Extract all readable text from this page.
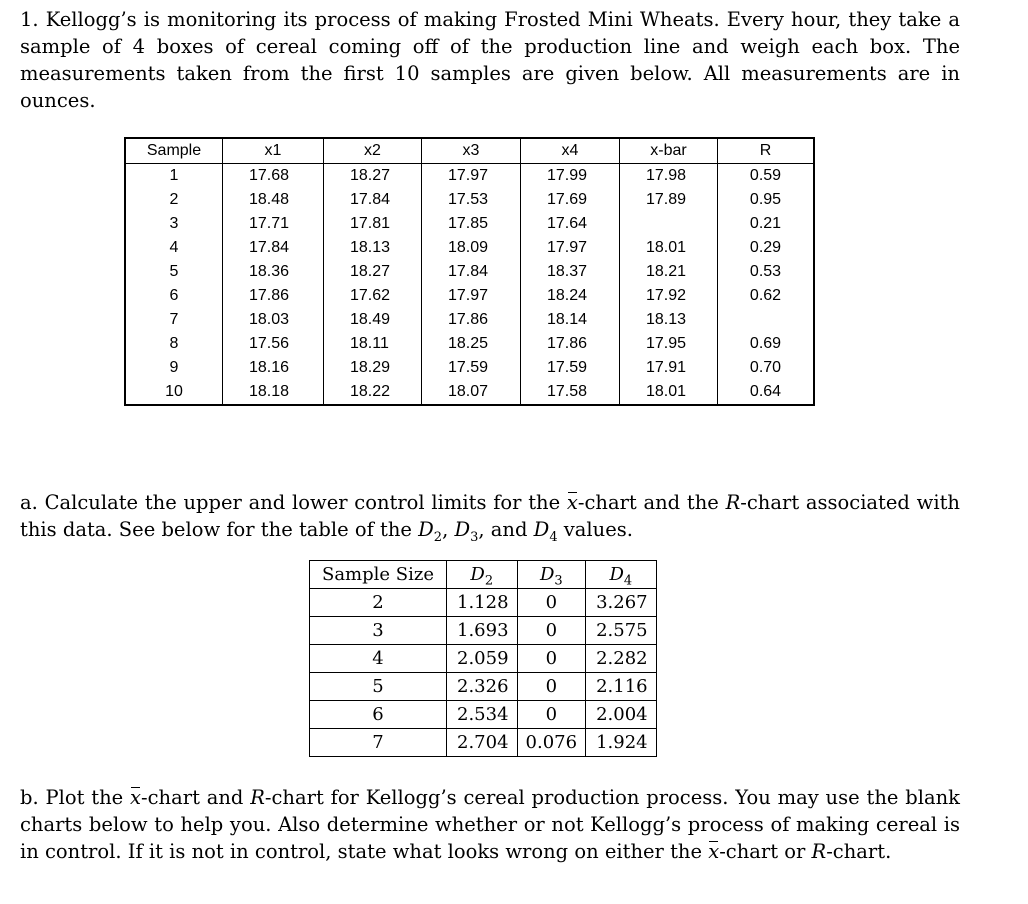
1. Kellogg’s is monitoring its process of making Frosted Mini Wheats. Every hour, they take a sample of 4 boxes of cereal coming off of the production line and weigh each box. The measurements taken from the first 10 samples are given below. All measurements are in ounces.

Sample	x1	x2	x3	x4	x-bar	R
1	17.68	18.27	17.97	17.99	17.98	0.59
2	18.48	17.84	17.53	17.69	17.89	0.95
3	17.71	17.81	17.85	17.64		0.21
4	17.84	18.13	18.09	17.97	18.01	0.29
5	18.36	18.27	17.84	18.37	18.21	0.53
6	17.86	17.62	17.97	18.24	17.92	0.62
7	18.03	18.49	17.86	18.14	18.13	
8	17.56	18.11	18.25	17.86	17.95	0.69
9	18.16	18.29	17.59	17.59	17.91	0.70
10	18.18	18.22	18.07	17.58	18.01	0.64

a. Calculate the upper and lower control limits for the x-chart and the R-chart associated with this data. See below for the table of the $D_2$, $D_3$, and $D_4$ values.

Sample Size	$D_2$	$D_3$	$D_4$
2	1.128	0	3.267
3	1.693	0	2.575
4	2.059	0	2.282
5	2.326	0	2.116
6	2.534	0	2.004
7	2.704	0.076	1.924

b. Plot the x-chart and R-chart for Kellogg’s cereal production process. You may use the blank charts below to help you. Also determine whether or not Kellogg’s process of making cereal is in control. If it is not in control, state what looks wrong on either the x-chart or R-chart.
